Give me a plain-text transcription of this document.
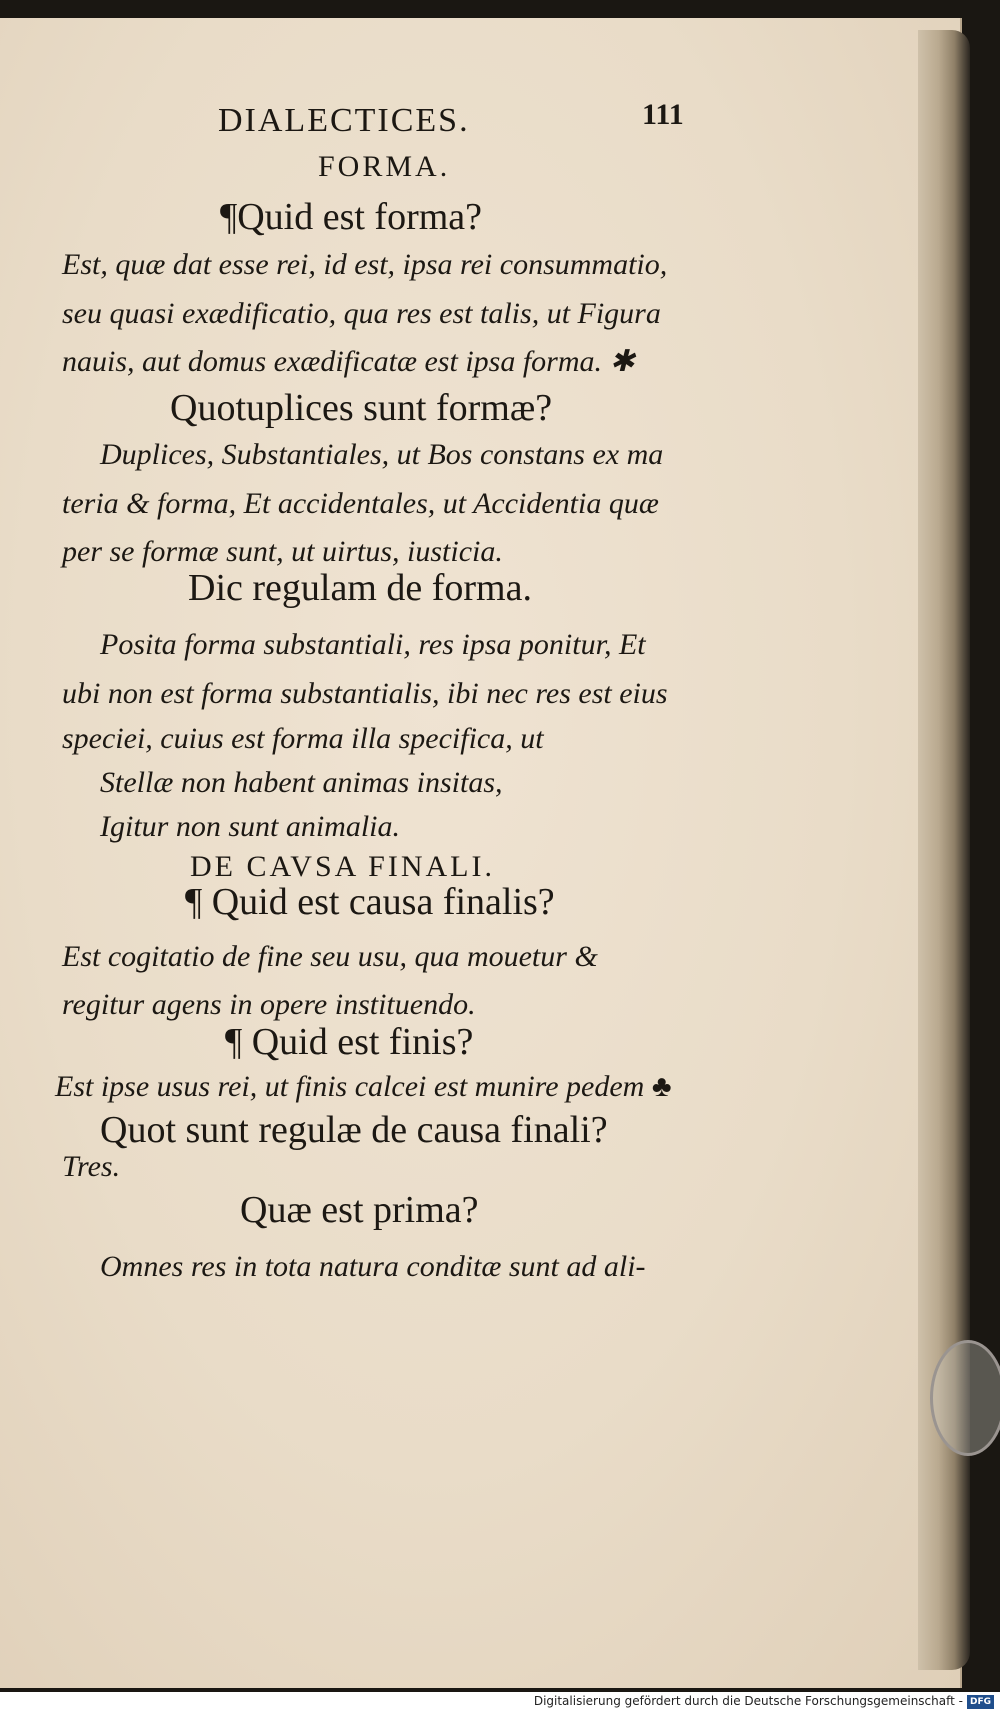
DIALECTICES.	111
FORMA.
¶Quid est forma?
Est, quæ dat esse rei, id est, ipsa rei consummatio,
seu quasi exædificatio, qua res est talis, ut Figura
nauis, aut domus exædificatæ est ipsa forma. ✱
Quotuplices sunt formæ?
Duplices, Substantiales, ut Bos constans ex ma
teria & forma, Et accidentales, ut Accidentia quæ
per se formæ sunt, ut uirtus, iusticia.
Dic regulam de forma.
Posita forma substantiali, res ipsa ponitur, Et
ubi non est forma substantialis, ibi nec res est eius
speciei, cuius est forma illa specifica, ut
Stellæ non habent animas insitas,
Igitur non sunt animalia.
DE CAVSA FINALI.
¶ Quid est causa finalis?
Est cogitatio de fine seu usu, qua mouetur &
regitur agens in opere instituendo.
¶ Quid est finis?
Est ipse usus rei, ut finis calcei est munire pedem ♣
Quot sunt regulæ de causa finali?
Tres.
Quæ est prima?
Omnes res in tota natura conditæ sunt ad ali-
Digitalisierung gefördert durch die Deutsche Forschungsgemeinschaft - DFG
